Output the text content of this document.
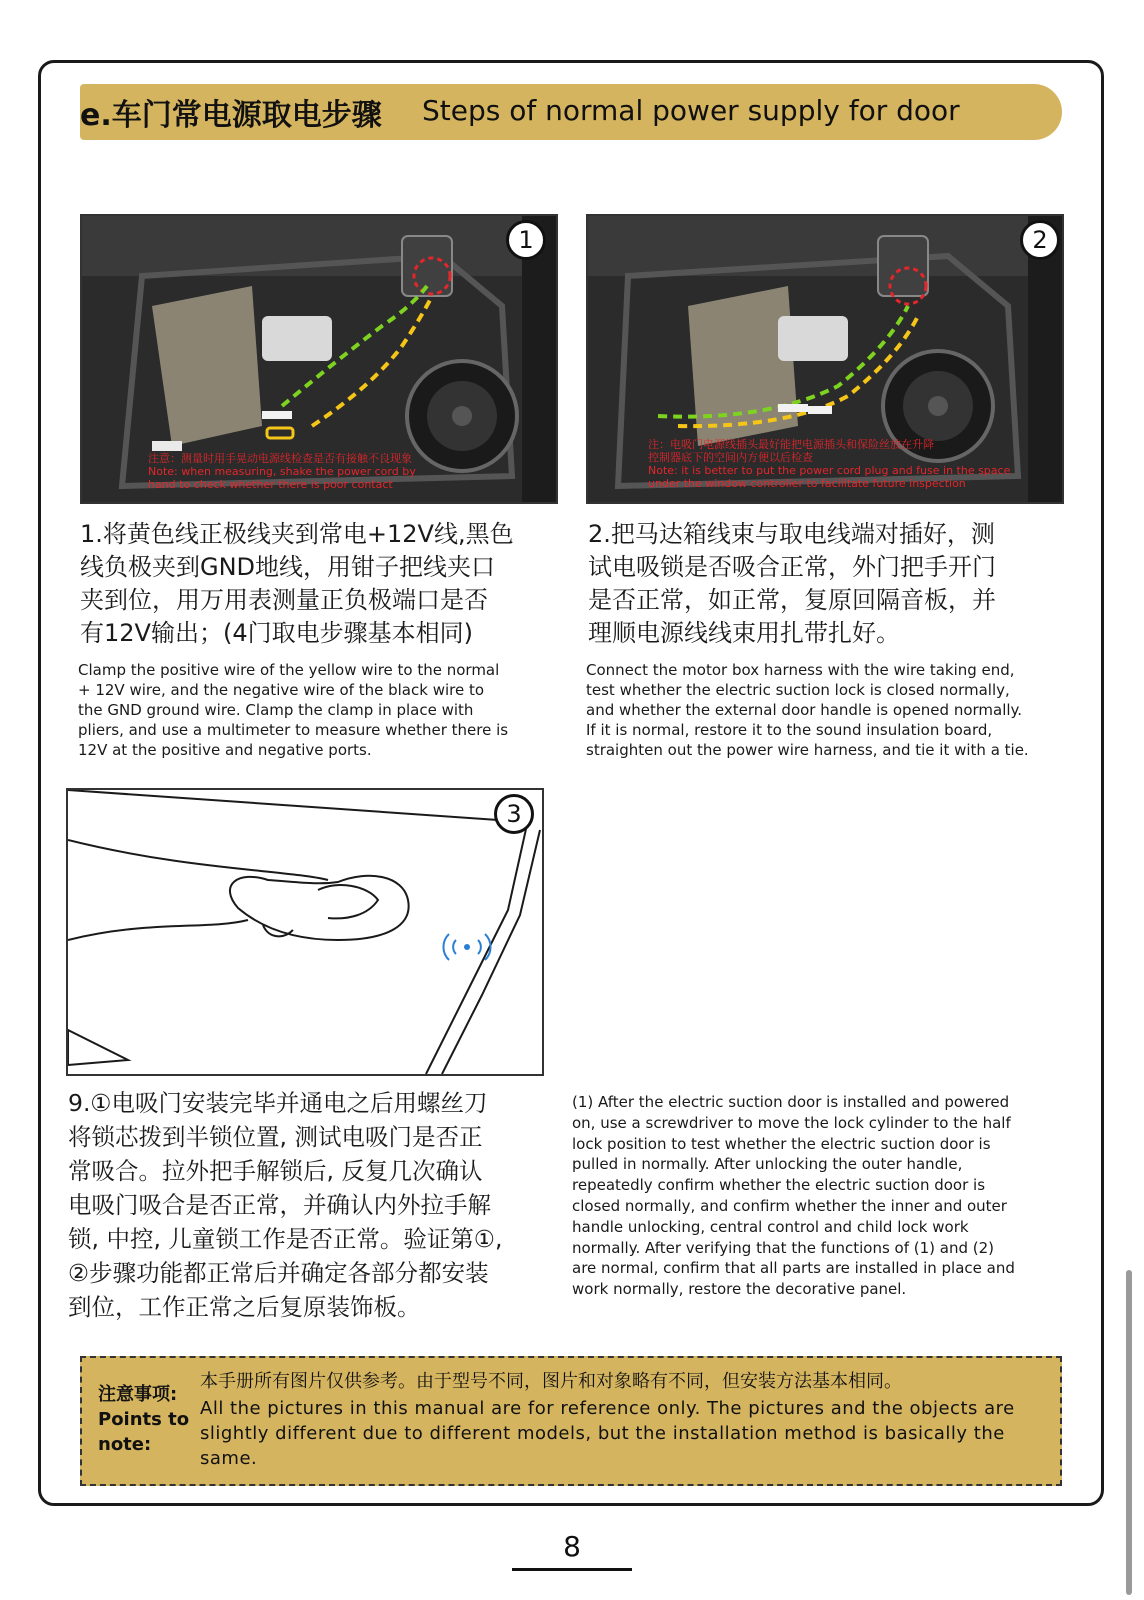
e.车门常电源取电步骤 Steps of normal power supply for door
1
注意：测量时用手晃动电源线检查是否有接触不良现象
Note: when measuring, shake the power cord by
hand to check whether there is poor contact
2
注：电吸门电源线插头最好能把电源插头和保险丝放在升降
控制器底下的空间内方便以后检查
Note: it is better to put the power cord plug and fuse in the space
under the window controller to facilitate future inspection
1.将黄色线正极线夹到常电+12V线,黑色
线负极夹到GND地线，用钳子把线夹口
夹到位，用万用表测量正负极端口是否
有12V输出；(4门取电步骤基本相同)
Clamp the positive wire of the yellow wire to the normal
+ 12V wire, and the negative wire of the black wire to
the GND ground wire. Clamp the clamp in place with
pliers, and use a multimeter to measure whether there is
12V at the positive and negative ports.
2.把马达箱线束与取电线端对插好，测
试电吸锁是否吸合正常，外门把手开门
是否正常，如正常，复原回隔音板，并
理顺电源线线束用扎带扎好。
Connect the motor box harness with the wire taking end,
test whether the electric suction lock is closed normally,
and whether the external door handle is opened normally.
If it is normal, restore it to the sound insulation board,
straighten out the power wire harness, and tie it with a tie.
3
9.①电吸门安装完毕并通电之后用螺丝刀
将锁芯拨到半锁位置, 测试电吸门是否正
常吸合。拉外把手解锁后, 反复几次确认
电吸门吸合是否正常，并确认内外拉手解
锁, 中控, 儿童锁工作是否正常。验证第①,
②步骤功能都正常后并确定各部分都安装
到位，工作正常之后复原装饰板。
(1) After the electric suction door is installed and powered
on, use a screwdriver to move the lock cylinder to the half
lock position to test whether the electric suction door is
pulled in normally. After unlocking the outer handle,
repeatedly confirm whether the electric suction door is
closed normally, and confirm whether the inner and outer
handle unlocking, central control and child lock work
normally. After verifying that the functions of (1) and (2)
are normal, confirm that all parts are installed in place and
work normally, restore the decorative panel.
注意事项:
Points to
note:
本手册所有图片仅供参考。由于型号不同，图片和对象略有不同，但安装方法基本相同。
All the pictures in this manual are for reference only. The pictures and the objects are slightly different due to different models, but the installation method is basically the same.
8
